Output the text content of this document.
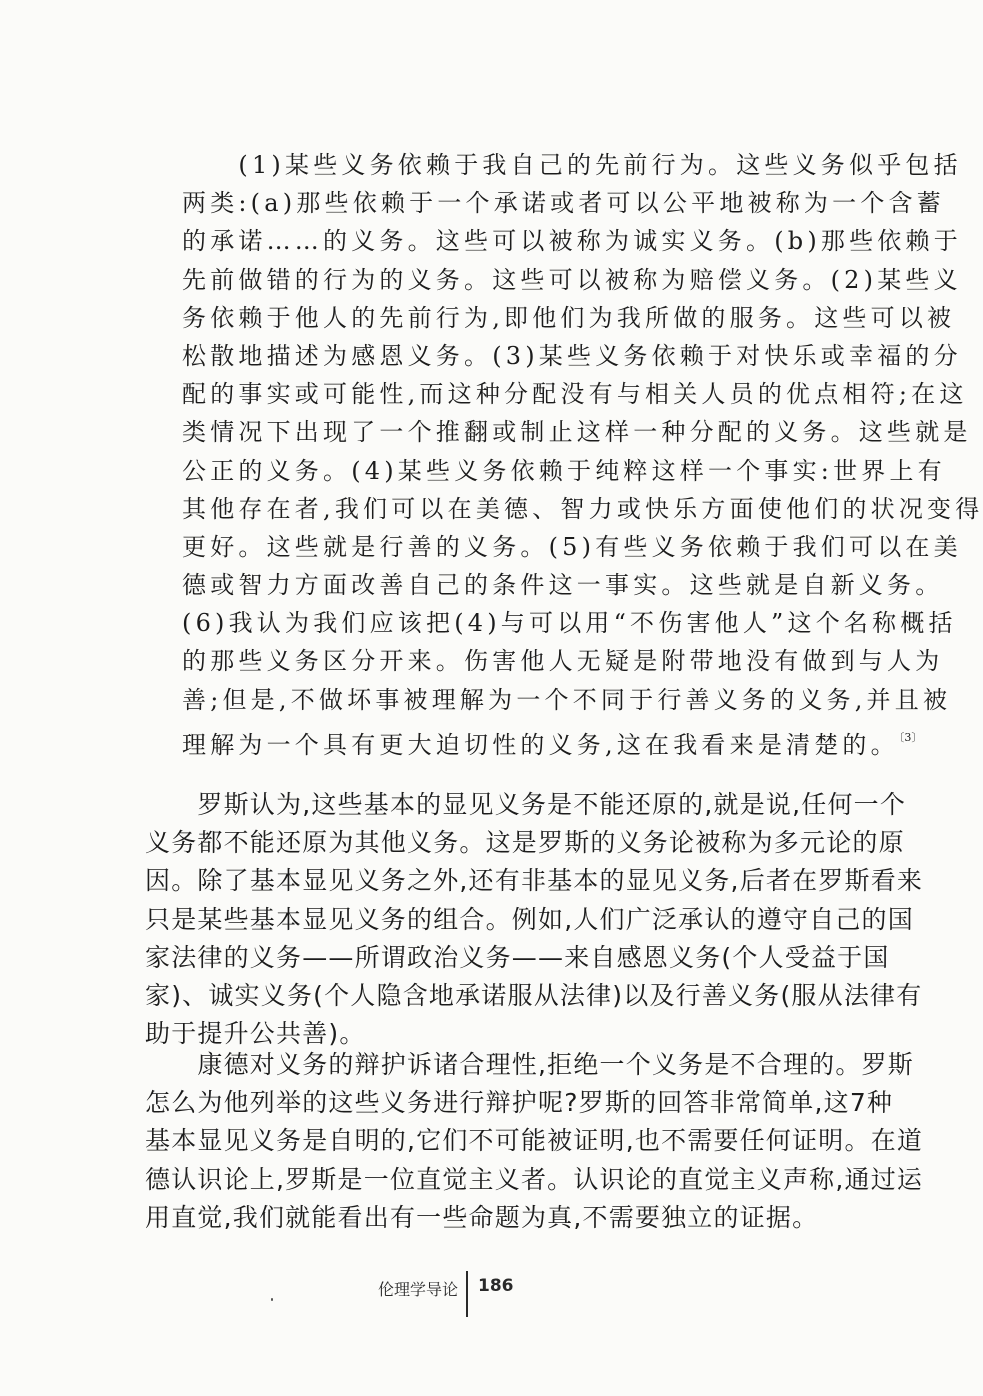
　　(1)某些义务依赖于我自己的先前行为。这些义务似乎包括
两类:(a)那些依赖于一个承诺或者可以公平地被称为一个含蓄
的承诺……的义务。这些可以被称为诚实义务。(b)那些依赖于
先前做错的行为的义务。这些可以被称为赔偿义务。(2)某些义
务依赖于他人的先前行为,即他们为我所做的服务。这些可以被
松散地描述为感恩义务。(3)某些义务依赖于对快乐或幸福的分
配的事实或可能性,而这种分配没有与相关人员的优点相符;在这
类情况下出现了一个推翻或制止这样一种分配的义务。这些就是
公正的义务。(4)某些义务依赖于纯粹这样一个事实:世界上有
其他存在者,我们可以在美德、智力或快乐方面使他们的状况变得
更好。这些就是行善的义务。(5)有些义务依赖于我们可以在美
德或智力方面改善自己的条件这一事实。这些就是自新义务。
(6)我认为我们应该把(4)与可以用“不伤害他人”这个名称概括
的那些义务区分开来。伤害他人无疑是附带地没有做到与人为
善;但是,不做坏事被理解为一个不同于行善义务的义务,并且被
理解为一个具有更大迫切性的义务,这在我看来是清楚的。$^{〔3〕}$
　　罗斯认为,这些基本的显见义务是不能还原的,就是说,任何一个
义务都不能还原为其他义务。这是罗斯的义务论被称为多元论的原
因。除了基本显见义务之外,还有非基本的显见义务,后者在罗斯看来
只是某些基本显见义务的组合。例如,人们广泛承认的遵守自己的国
家法律的义务——所谓政治义务——来自感恩义务(个人受益于国
家)、诚实义务(个人隐含地承诺服从法律)以及行善义务(服从法律有
助于提升公共善)。
　　康德对义务的辩护诉诸合理性,拒绝一个义务是不合理的。罗斯
怎么为他列举的这些义务进行辩护呢?罗斯的回答非常简单,这7种
基本显见义务是自明的,它们不可能被证明,也不需要任何证明。在道
德认识论上,罗斯是一位直觉主义者。认识论的直觉主义声称,通过运
用直觉,我们就能看出有一些命题为真,不需要独立的证据。
伦理学导论 186
